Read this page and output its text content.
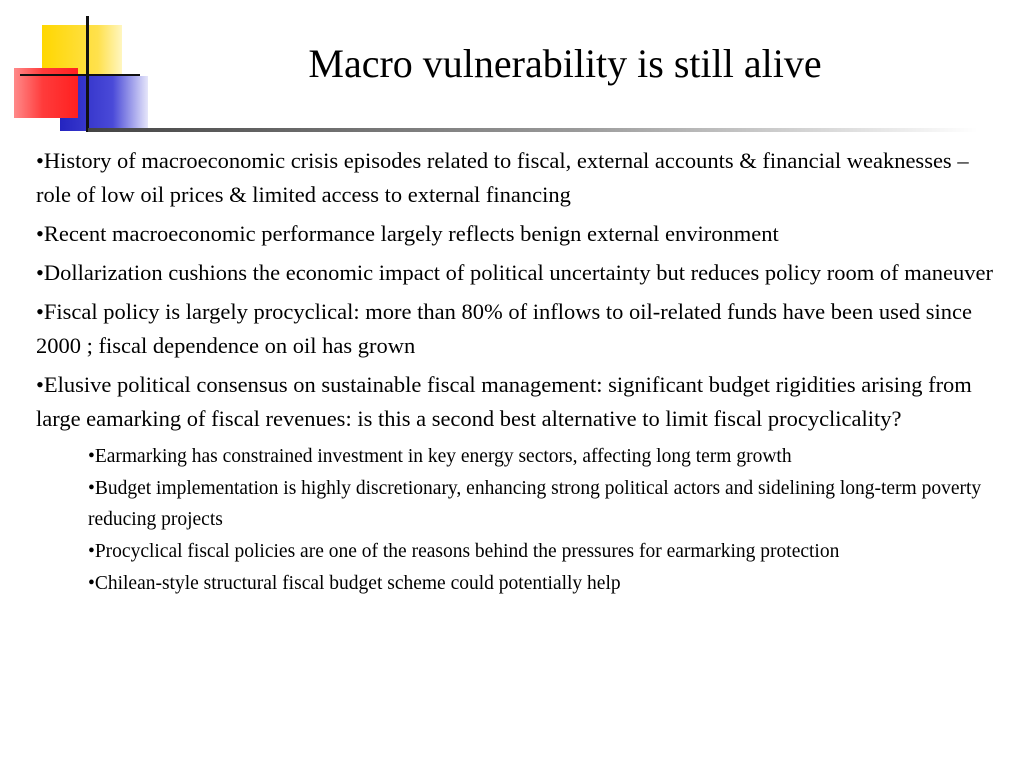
Macro vulnerability is still alive
•History of macroeconomic crisis episodes related to fiscal, external accounts & financial weaknesses – role of low oil prices & limited access to external financing
•Recent macroeconomic performance largely reflects benign external environment
•Dollarization cushions the economic impact of political uncertainty but reduces policy room of maneuver
•Fiscal policy is largely procyclical: more than 80% of inflows to oil-related funds have been used since 2000 ; fiscal dependence on oil has grown
•Elusive political consensus on sustainable fiscal management: significant budget rigidities arising from large eamarking of fiscal revenues: is this a second best alternative to limit fiscal procyclicality?
•Earmarking has constrained investment in key energy sectors, affecting long term growth
•Budget implementation is highly discretionary, enhancing strong political actors and sidelining long-term poverty reducing projects
•Procyclical fiscal policies are one of the reasons behind the pressures for earmarking protection
•Chilean-style structural fiscal budget scheme could potentially help
